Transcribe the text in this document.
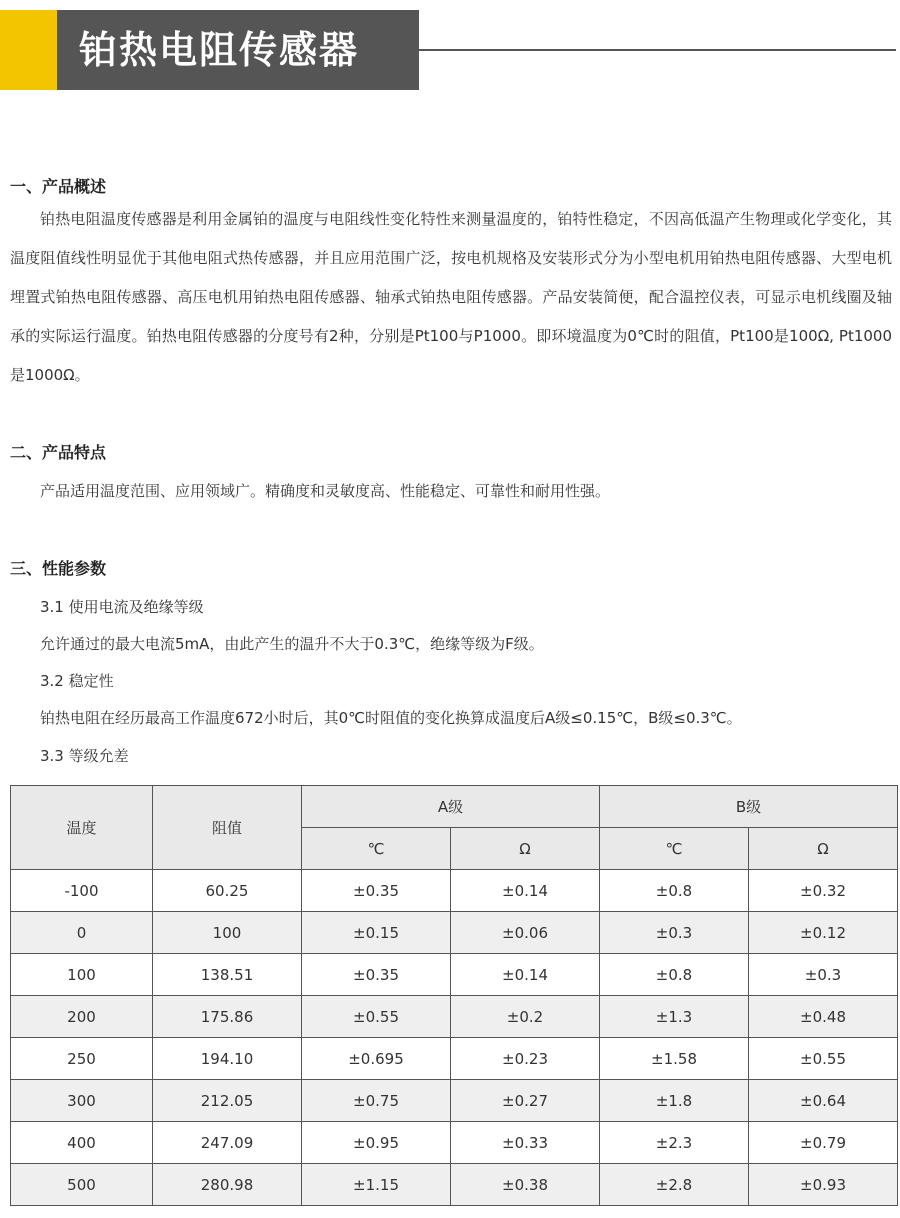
铂热电阻传感器
一、产品概述
铂热电阻温度传感器是利用金属铂的温度与电阻线性变化特性来测量温度的，铂特性稳定，不因高低温产生物理或化学变化，其温度阻值线性明显优于其他电阻式热传感器，并且应用范围广泛，按电机规格及安装形式分为小型电机用铂热电阻传感器、大型电机埋置式铂热电阻传感器、高压电机用铂热电阻传感器、轴承式铂热电阻传感器。产品安装简便，配合温控仪表，可显示电机线圈及轴承的实际运行温度。铂热电阻传感器的分度号有2种，分别是Pt100与P1000。即环境温度为0℃时的阻值，Pt100是100Ω, Pt1000是1000Ω。
二、产品特点
产品适用温度范围、应用领域广。精确度和灵敏度高、性能稳定、可靠性和耐用性强。
三、性能参数
3.1 使用电流及绝缘等级
允许通过的最大电流5mA，由此产生的温升不大于0.3℃，绝缘等级为F级。
3.2 稳定性
铂热电阻在经历最高工作温度672小时后，其0℃时阻值的变化换算成温度后A级≤0.15℃，B级≤0.3℃。
3.3 等级允差
温度	阻值	A级		B级	
		℃	Ω	℃	Ω
-100	60.25	±0.35	±0.14	±0.8	±0.32
0	100	±0.15	±0.06	±0.3	±0.12
100	138.51	±0.35	±0.14	±0.8	±0.3
200	175.86	±0.55	±0.2	±1.3	±0.48
250	194.10	±0.695	±0.23	±1.58	±0.55
300	212.05	±0.75	±0.27	±1.8	±0.64
400	247.09	±0.95	±0.33	±2.3	±0.79
500	280.98	±1.15	±0.38	±2.8	±0.93
